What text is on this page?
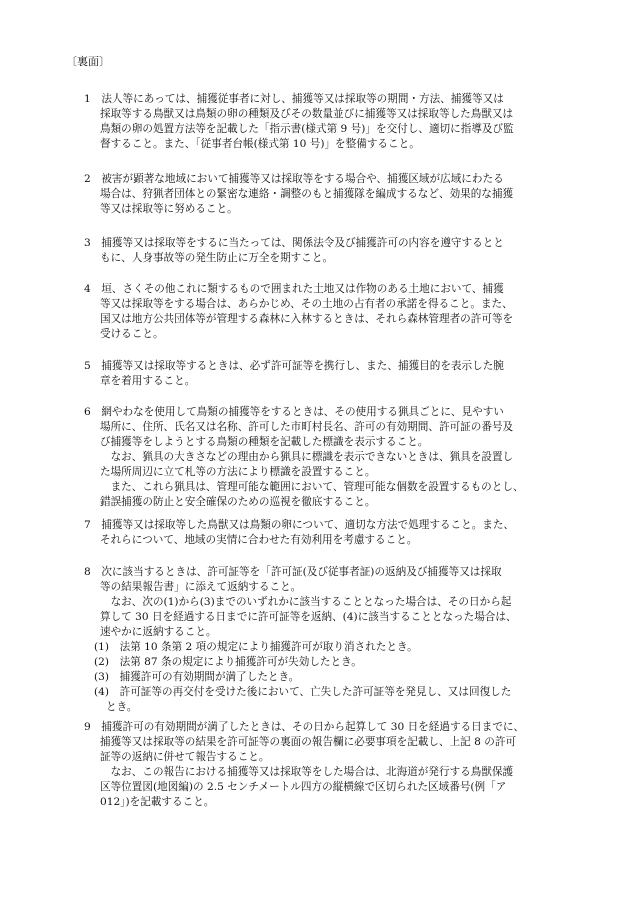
〔裏面〕
1　法人等にあっては、捕獲従事者に対し、捕獲等又は採取等の期間・方法、捕獲等又は
採取等する鳥獣又は鳥類の卵の種類及びその数量並びに捕獲等又は採取等した鳥獣又は
鳥類の卵の処置方法等を記載した「指示書(様式第 9 号)」を交付し、適切に指導及び監
督すること。また、「従事者台帳(様式第 10 号)」を整備すること。
2　被害が顕著な地域において捕獲等又は採取等をする場合や、捕獲区域が広域にわたる
場合は、狩猟者団体との緊密な連絡・調整のもと捕獲隊を編成するなど、効果的な捕獲
等又は採取等に努めること。
3　捕獲等又は採取等をするに当たっては、関係法令及び捕獲許可の内容を遵守するとと
もに、人身事故等の発生防止に万全を期すこと。
4　垣、さくその他これに類するもので囲まれた土地又は作物のある土地において、捕獲
等又は採取等をする場合は、あらかじめ、その土地の占有者の承諾を得ること。また、
国又は地方公共団体等が管理する森林に入林するときは、それら森林管理者の許可等を
受けること。
5　捕獲等又は採取等するときは、必ず許可証等を携行し、また、捕獲目的を表示した腕
章を着用すること。
6　網やわなを使用して鳥類の捕獲等をするときは、その使用する猟具ごとに、見やすい
場所に、住所、氏名又は名称、許可した市町村長名、許可の有効期間、許可証の番号及
び捕獲等をしようとする鳥類の種類を記載した標識を表示すること。
　なお、猟具の大きさなどの理由から猟具に標識を表示できないときは、猟具を設置し
た場所周辺に立て札等の方法により標識を設置すること。
　また、これら猟具は、管理可能な範囲において、管理可能な個数を設置するものとし、
錯誤捕獲の防止と安全確保のための巡視を徹底すること。
7　捕獲等又は採取等した鳥獣又は鳥類の卵について、適切な方法で処理すること。また、
それらについて、地域の実情に合わせた有効利用を考慮すること。
8　次に該当するときは、許可証等を「許可証(及び従事者証)の返納及び捕獲等又は採取
等の結果報告書」に添えて返納すること。
　なお、次の(1)から(3)までのいずれかに該当することとなった場合は、その日から起
算して 30 日を経過する日までに許可証等を返納、(4)に該当することとなった場合は、
速やかに返納すること。
(1)　法第 10 条第 2 項の規定により捕獲許可が取り消されたとき。
(2)　法第 87 条の規定により捕獲許可が失効したとき。
(3)　捕獲許可の有効期間が満了したとき。
(4)　許可証等の再交付を受けた後において、亡失した許可証等を発見し、又は回復した
とき。
9　捕獲許可の有効期間が満了したときは、その日から起算して 30 日を経過する日までに、
捕獲等又は採取等の結果を許可証等の裏面の報告欄に必要事項を記載し、上記 8 の許可
証等の返納に併せて報告すること。
　なお、この報告における捕獲等又は採取等をした場合は、北海道が発行する鳥獣保護
区等位置図(地図編)の 2.5 センチメートル四方の縦横線で区切られた区域番号(例「ア
012」)を記載すること。
